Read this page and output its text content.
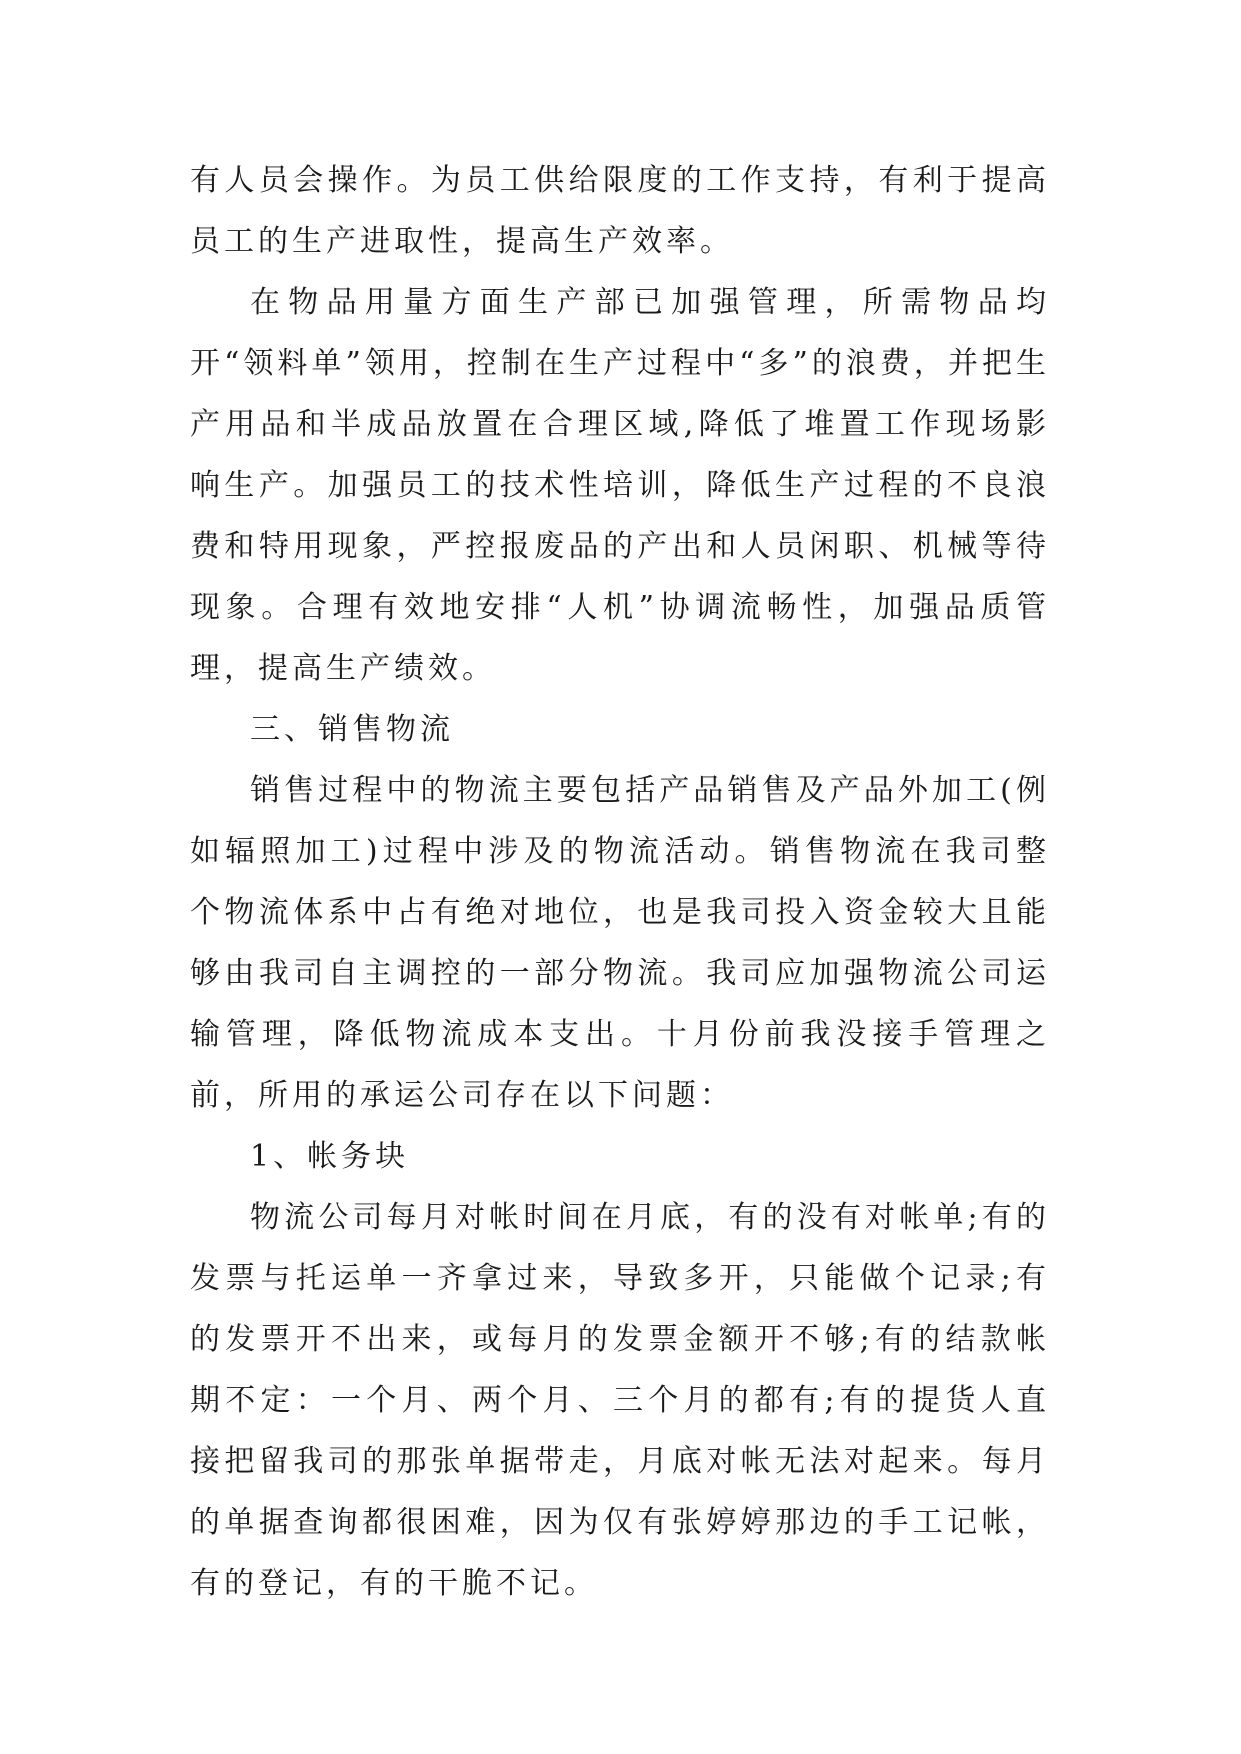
有人员会操作。为员工供给限度的工作支持，有利于提高员工的生产进取性，提高生产效率。

在物品用量方面生产部已加强管理，所需物品均开“领料单”领用，控制在生产过程中“多”的浪费，并把生产用品和半成品放置在合理区域,降低了堆置工作现场影响生产。加强员工的技术性培训，降低生产过程的不良浪费和特用现象，严控报废品的产出和人员闲职、机械等待现象。合理有效地安排“人机”协调流畅性，加强品质管理，提高生产绩效。

三、销售物流

销售过程中的物流主要包括产品销售及产品外加工(例如辐照加工)过程中涉及的物流活动。销售物流在我司整个物流体系中占有绝对地位，也是我司投入资金较大且能够由我司自主调控的一部分物流。我司应加强物流公司运输管理，降低物流成本支出。十月份前我没接手管理之前，所用的承运公司存在以下问题：

1、帐务块

物流公司每月对帐时间在月底，有的没有对帐单;有的发票与托运单一齐拿过来，导致多开，只能做个记录;有的发票开不出来，或每月的发票金额开不够;有的结款帐期不定：一个月、两个月、三个月的都有;有的提货人直接把留我司的那张单据带走，月底对帐无法对起来。每月的单据查询都很困难，因为仅有张婷婷那边的手工记帐，有的登记，有的干脆不记。
